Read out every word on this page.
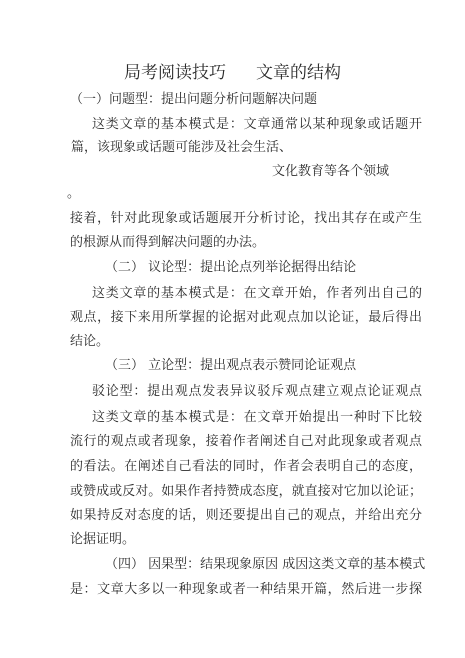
局考阅读技巧 文章的结构
（一）问题型：提出问题分析问题解决问题
这类文章的基本模式是：文章通常以某种现象或话题开
篇，该现象或话题可能涉及社会生活、
文化教育等各个领域
。
接着，针对此现象或话题展开分析讨论，找出其存在或产生
的根源从而得到解决问题的办法。
（二） 议论型：提出论点列举论据得出结论
这类文章的基本模式是：在文章开始，作者列出自己的
观点，接下来用所掌握的论据对此观点加以论证，最后得出
结论。
（三） 立论型：提出观点表示赞同论证观点
驳论型：提出观点发表异议驳斥观点建立观点论证观点
这类文章的基本模式是：在文章开始提出一种时下比较
流行的观点或者现象，接着作者阐述自己对此现象或者观点
的看法。在阐述自己看法的同时，作者会表明自己的态度，
或赞成或反对。如果作者持赞成态度，就直接对它加以论证；
如果持反对态度的话，则还要提出自己的观点，并给出充分
论据证明。
（四） 因果型：结果现象原因 成因这类文章的基本模式
是：文章大多以一种现象或者一种结果开篇，然后进一步探
